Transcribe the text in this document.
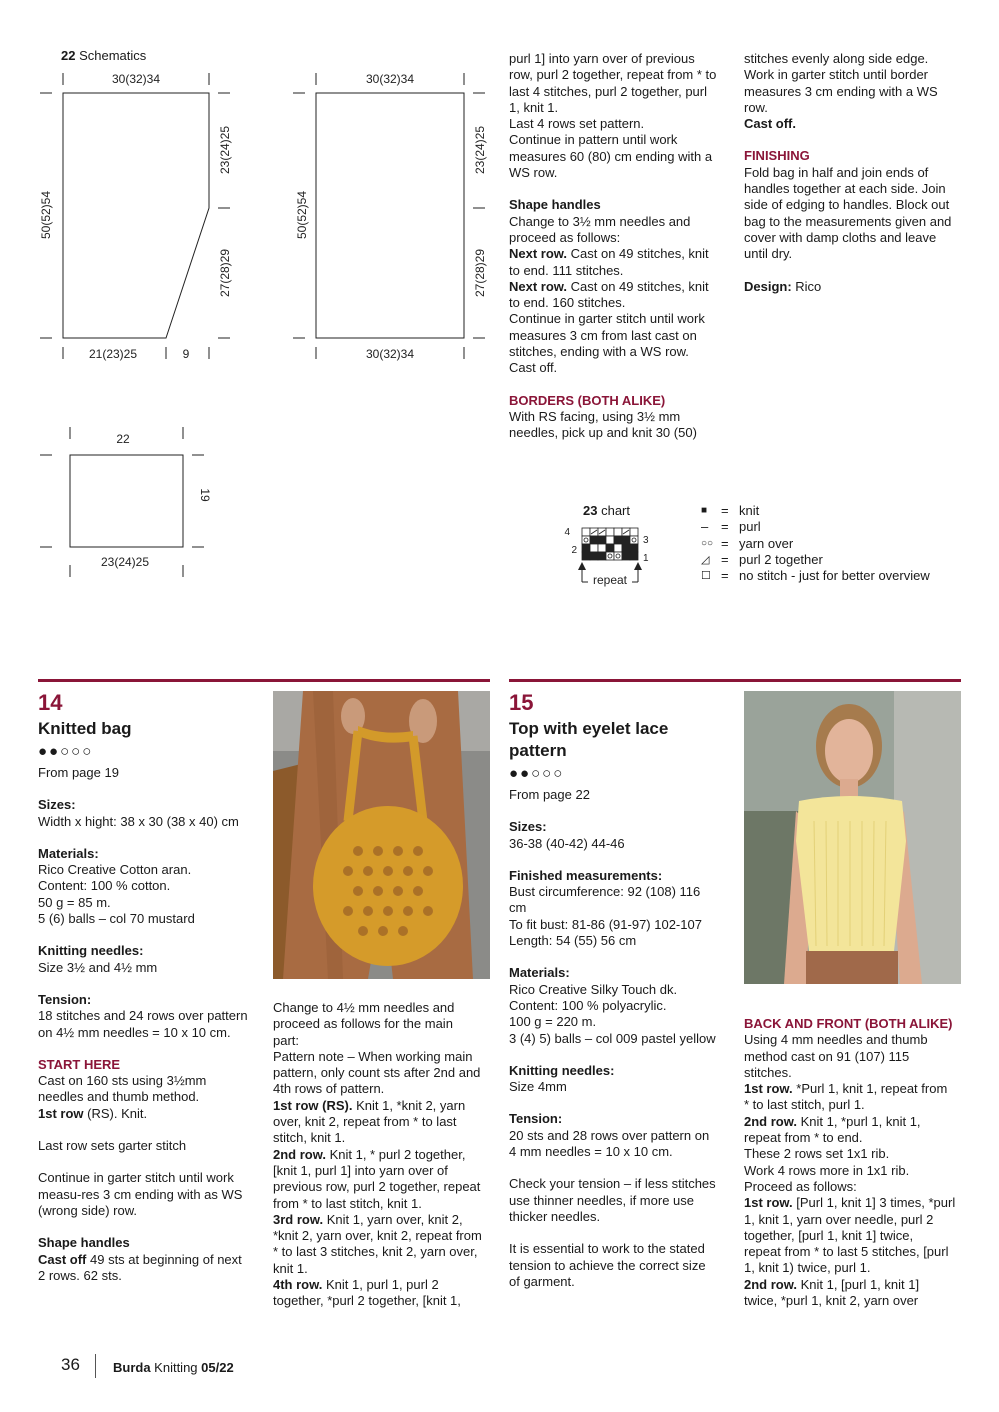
22 Schematics
30(32)34
50(52)54
23(24)25
27(28)29
21(23)25	9
30(32)34
50(52)54
23(24)25
27(28)29
30(32)34
22
19
23(24)25

purl 1] into yarn over of previous

row, purl 2 together, repeat from * to

last 4 stitches, purl 2 together, purl

1, knit 1.

Last 4 rows set pattern.

Continue in pattern until work

measures 60 (80) cm ending with a

WS row.

Shape handles

Change to 3½ mm needles and

proceed as follows:

Next row. Cast on 49 stitches, knit

to end. 111 stitches.

Next row. Cast on 49 stitches, knit

to end. 160 stitches.

Continue in garter stitch until work

measures 3 cm from last cast on

stitches, ending with a WS row.

Cast off.

BORDERS (BOTH ALIKE)

With RS facing, using 3½ mm

needles, pick up and knit 30 (50)

stitches evenly along side edge.

Work in garter stitch until border

measures 3 cm ending with a WS

row.

Cast off.

FINISHING

Fold bag in half and join ends of

handles together at each side. Join

side of edging to handles. Block out

bag to the measurements given and

cover with damp cloths and leave

until dry.

Design: Rico

23 chart
4
3
2
1
repeat
■	= knit
– = purl
○○ = yarn over
◿ = purl 2 together
☐ = no stitch - just for better overview
14
Knitted bag
●●○○○

From page 19

Sizes:

Width x hight: 38 x 30 (38 x 40) cm

Materials:

Rico Creative Cotton aran.

Content: 100 % cotton.

50 g = 85 m.

5 (6) balls – col 70 mustard

Knitting needles:

Size 3½ and 4½ mm

Tension:

18 stitches and 24 rows over pattern

on 4½ mm needles = 10 x 10 cm.

START HERE

Cast on 160 sts using 3½mm

needles and thumb method.

1st row (RS). Knit.

Last row sets garter stitch

Continue in garter stitch until work

measu-res 3 cm ending with as WS

(wrong side) row.

Shape handles

Cast off 49 sts at beginning of next

2 rows. 62 sts.

Change to 4½ mm needles and

proceed as follows for the main

part:

Pattern note – When working main

pattern, only count sts after 2nd and

4th rows of pattern.

1st row (RS). Knit 1, *knit 2, yarn

over, knit 2, repeat from * to last

stitch, knit 1.

2nd row. Knit 1, * purl 2 together,

[knit 1, purl 1] into yarn over of

previous row, purl 2 together, repeat

from * to last stitch, knit 1.

3rd row. Knit 1, yarn over, knit 2,

*knit 2, yarn over, knit 2, repeat from

* to last 3 stitches, knit 2, yarn over,

knit 1.

4th row. Knit 1, purl 1, purl 2

together, *purl 2 together, [knit 1,

15
Top with eyelet lace
pattern
●●○○○

From page 22

Sizes:

36-38 (40-42) 44-46

Finished measurements:

Bust circumference: 92 (108) 116

cm

To fit bust: 81-86 (91-97) 102-107

Length: 54 (55) 56 cm

Materials:

Rico Creative Silky Touch dk.

Content: 100 % polyacrylic.

100 g = 220 m.

3 (4) 5) balls – col 009 pastel yellow

Knitting needles:

Size 4mm

Tension:

20 sts and 28 rows over pattern on

4 mm needles = 10 x 10 cm.

Check your tension – if less stitches

use thinner needles, if more use

thicker needles.

It is essential to work to the stated

tension to achieve the correct size

of garment.

BACK AND FRONT (BOTH ALIKE)

Using 4 mm needles and thumb

method cast on 91 (107) 115

stitches.

1st row. *Purl 1, knit 1, repeat from

* to last stitch, purl 1.

2nd row. Knit 1, *purl 1, knit 1,

repeat from * to end.

These 2 rows set 1x1 rib.

Work 4 rows more in 1x1 rib.

Proceed as follows:

1st row. [Purl 1, knit 1] 3 times, *purl

1, knit 1, yarn over needle, purl 2

together, [purl 1, knit 1] twice,

repeat from * to last 5 stitches, [purl

1, knit 1) twice, purl 1.

2nd row. Knit 1, [purl 1, knit 1]

twice, *purl 1, knit 2, yarn over

36	Burda Knitting 05/22
